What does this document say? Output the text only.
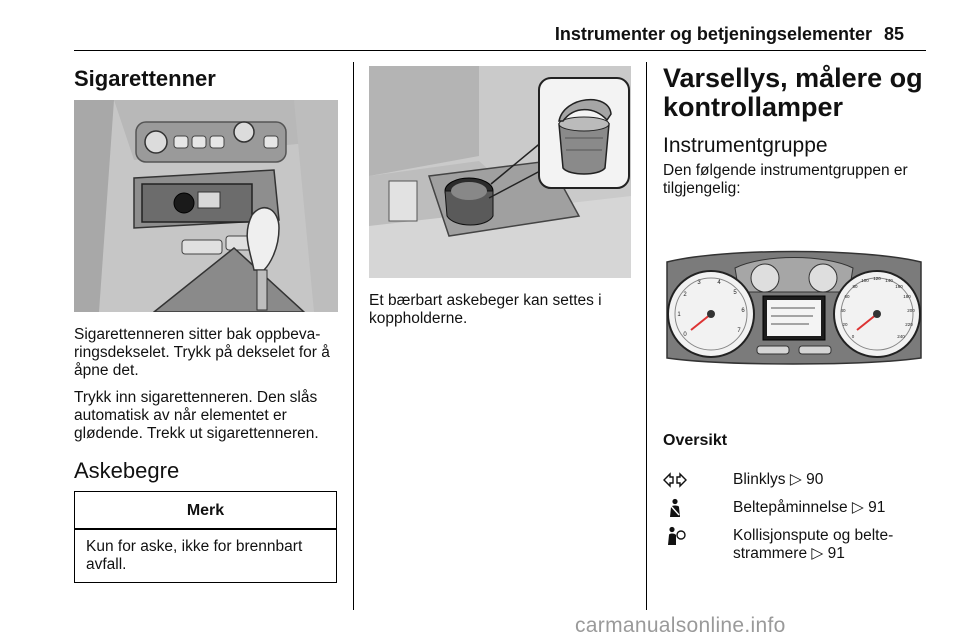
Instrumenter og betjeningselementer 85
Sigarettenner
Sigarettenneren sitter bak oppbeva-
ringsdekselet. Trykk på dekselet for å
åpne det.
Trykk inn sigarettenneren. Den slås
automatisk av når elementet er
glødende. Trekk ut sigarettenneren.
Askebegre
Merk
Kun for aske, ikke for brennbart
avfall.
Et bærbart askebeger kan settes i
koppholderne.
Varsellys, målere og
kontrollamper
Instrumentgruppe
Den følgende instrumentgruppen er
tilgjengelig:
0
1
2
3	4
5
6
7
0
20
40
60
80
100 120 140
160
180
200
220
240
Oversikt
Blinklys ▷ 90
Beltepåminnelse ▷ 91
Kollisjonspute og belte-
strammere ▷ 91
carmanualsonline.info
